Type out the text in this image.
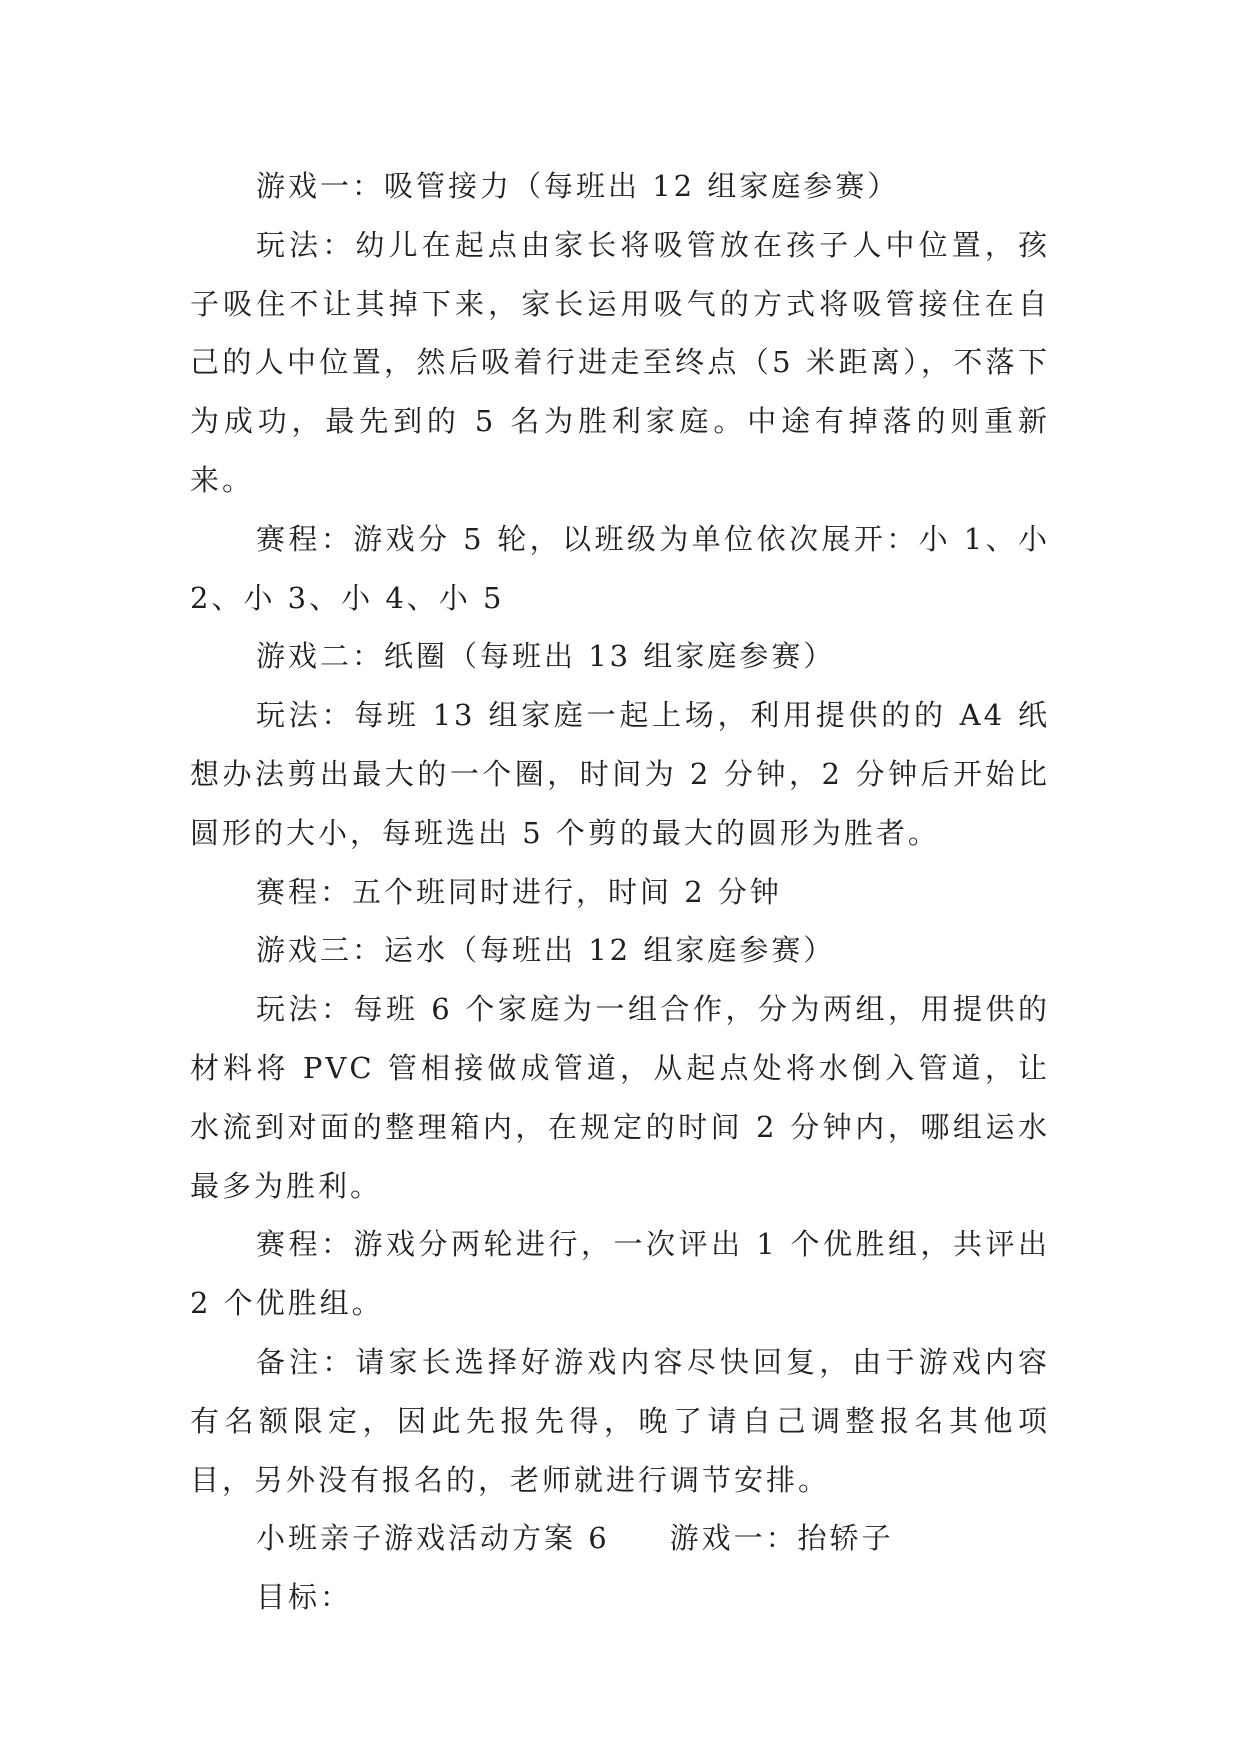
游戏一：吸管接力（每班出 12 组家庭参赛）

玩法：幼儿在起点由家长将吸管放在孩子人中位置，孩子吸住不让其掉下来，家长运用吸气的方式将吸管接住在自己的人中位置，然后吸着行进走至终点（5 米距离），不落下为成功，最先到的 5 名为胜利家庭。中途有掉落的则重新来。

赛程：游戏分 5 轮，以班级为单位依次展开：小 1、小 2、小 3、小 4、小 5

游戏二：纸圈（每班出 13 组家庭参赛）

玩法：每班 13 组家庭一起上场，利用提供的的 A4 纸想办法剪出最大的一个圈，时间为 2 分钟，2 分钟后开始比圆形的大小，每班选出 5 个剪的最大的圆形为胜者。

赛程：五个班同时进行，时间 2 分钟

游戏三：运水（每班出 12 组家庭参赛）

玩法：每班 6 个家庭为一组合作，分为两组，用提供的材料将 PVC 管相接做成管道，从起点处将水倒入管道，让水流到对面的整理箱内，在规定的时间 2 分钟内，哪组运水最多为胜利。

赛程：游戏分两轮进行，一次评出 1 个优胜组，共评出 2 个优胜组。

备注：请家长选择好游戏内容尽快回复，由于游戏内容有名额限定，因此先报先得，晚了请自己调整报名其他项目，另外没有报名的，老师就进行调节安排。

小班亲子游戏活动方案 6 游戏一：抬轿子

目标：
